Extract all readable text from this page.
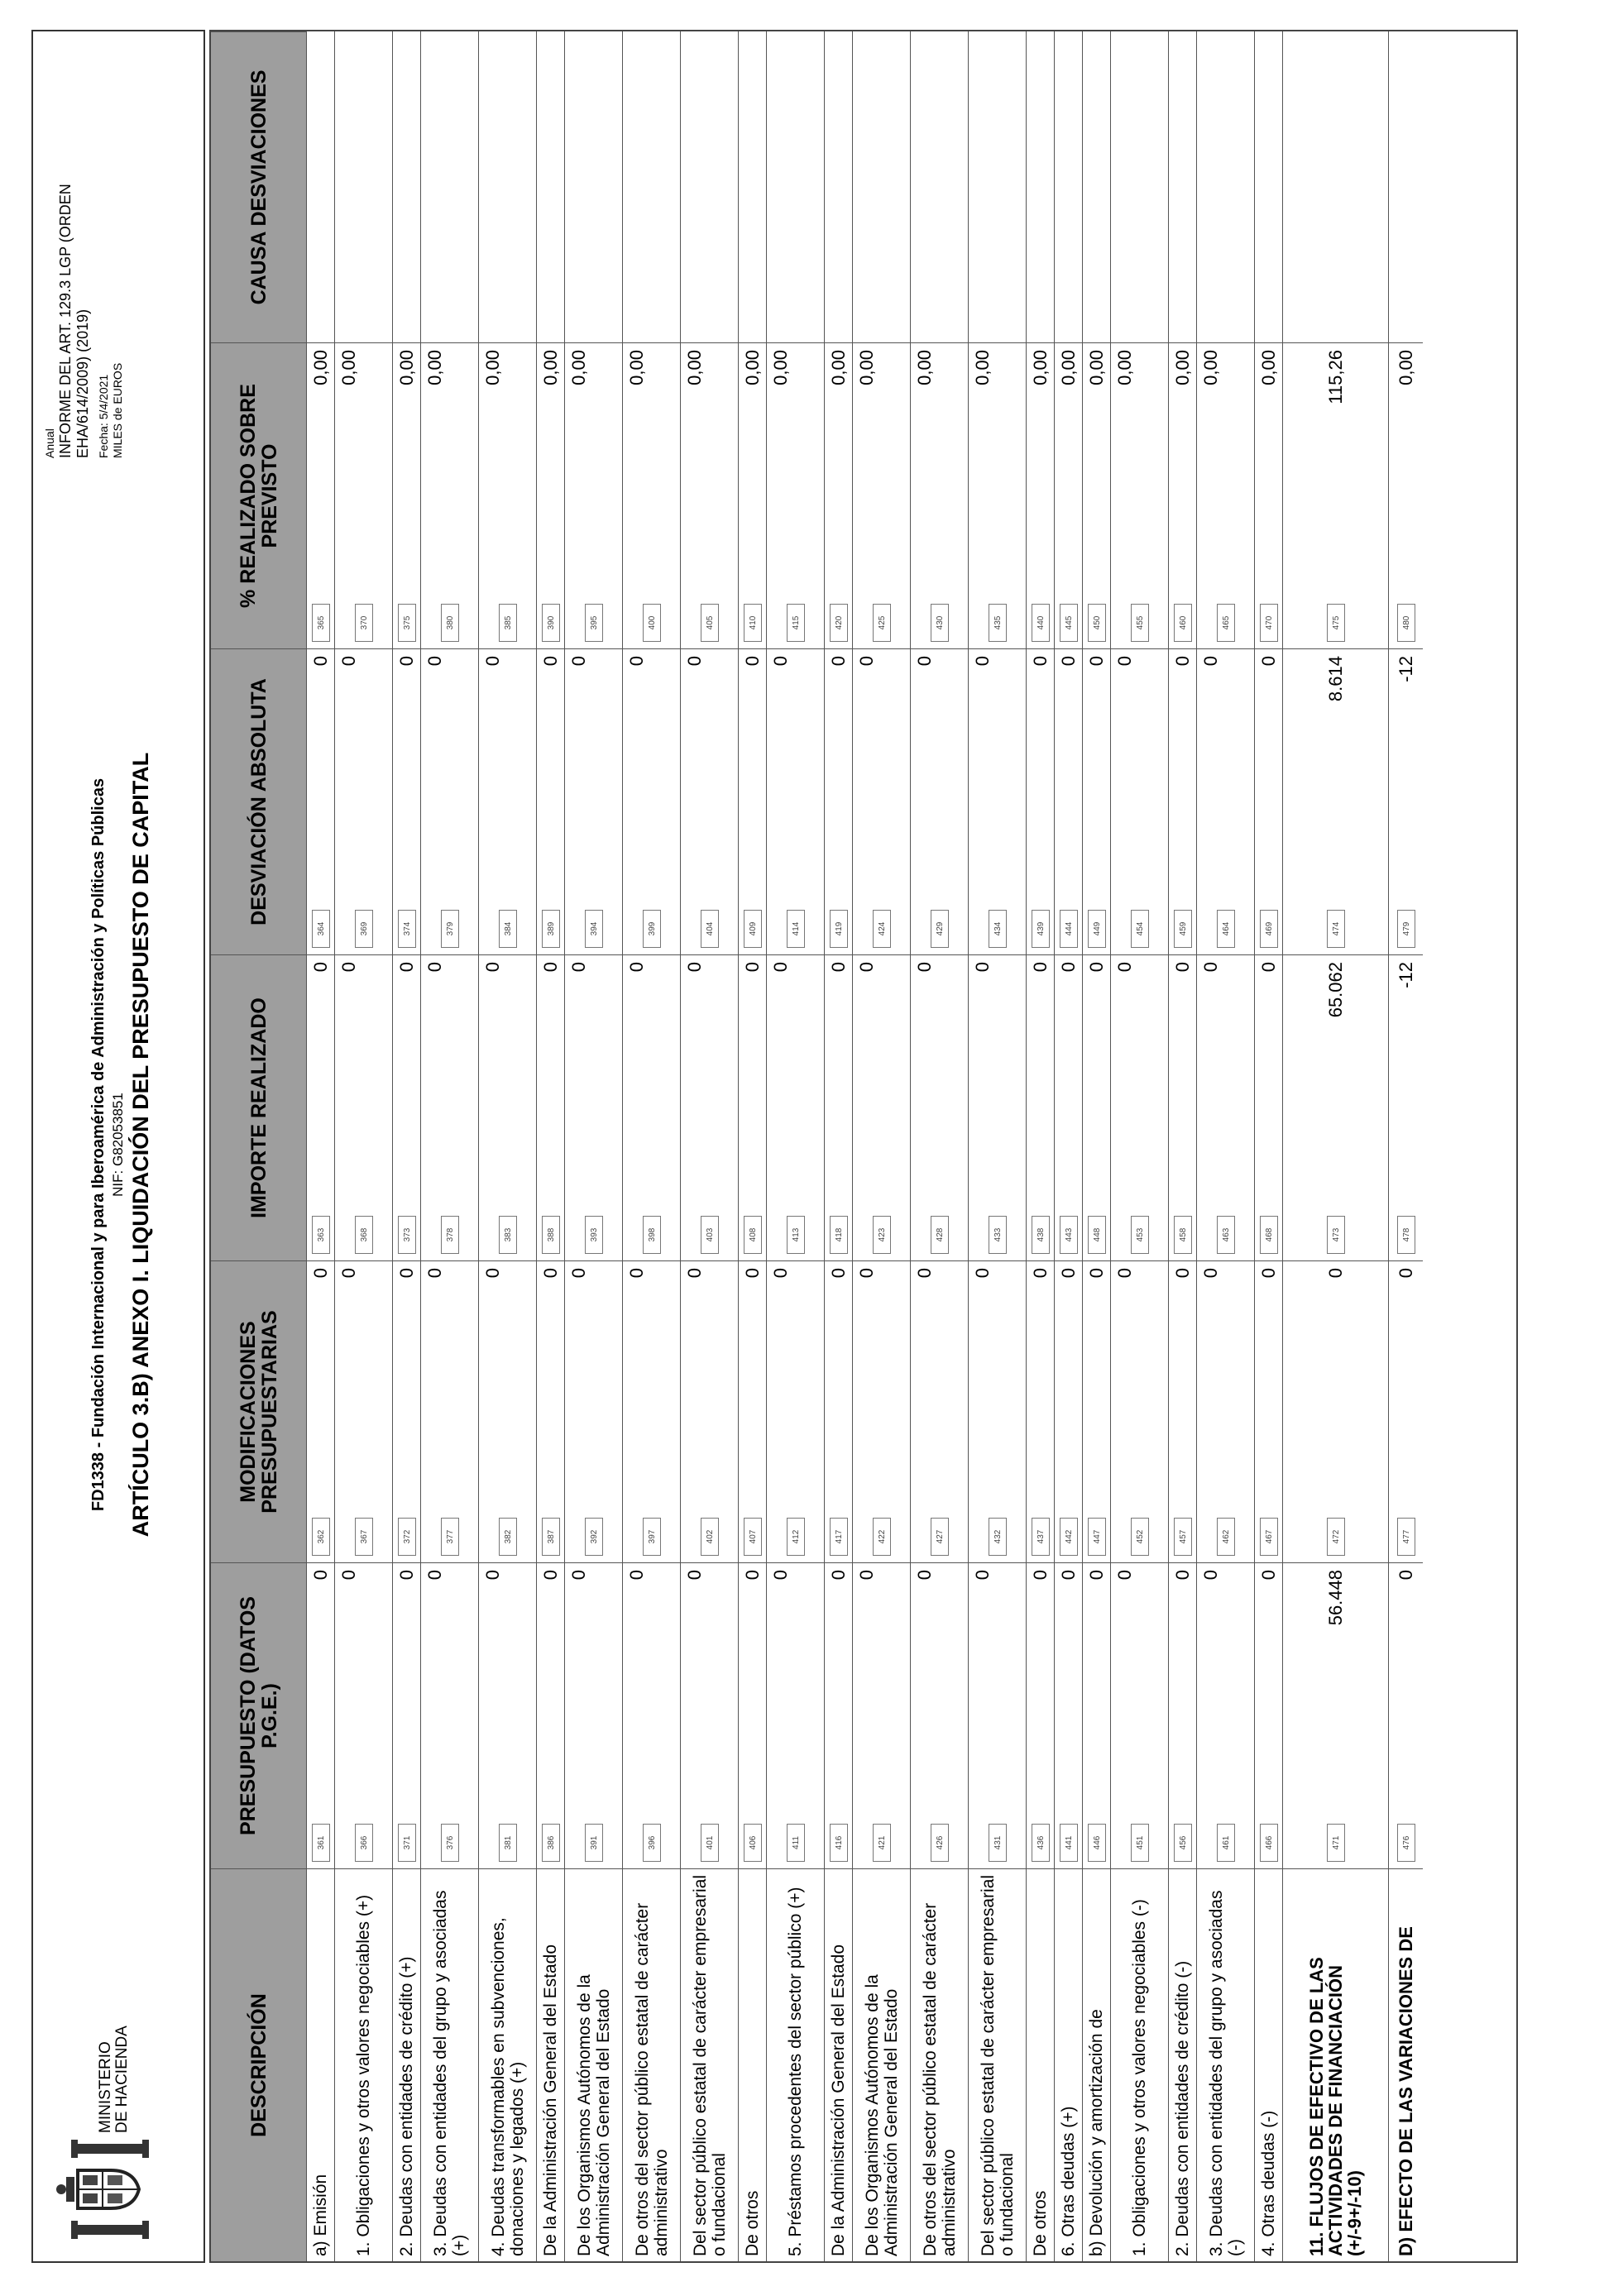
MINISTERIO DE HACIENDA
FD1338 - Fundación Internacional y para Iberoamérica de Administración y Políticas Públicas NIF: G82053851 ARTÍCULO 3.B) ANEXO I. LIQUIDACIÓN DEL PRESUPUESTO DE CAPITAL
Anual INFORME DEL ART. 129.3 LGP (ORDEN EHA/614/2009) (2019) Fecha: 5/4/2021 MILES de EUROS
DESCRIPCIÓN
PRESUPUESTO (DATOS P.G.E.)
MODIFICACIONES PRESUPUESTARIAS
IMPORTE REALIZADO
DESVIACIÓN ABSOLUTA
% REALIZADO SOBRE PREVISTO
CAUSA DESVIACIONES
a) Emisión
361
0
362
0
363
0
364
0
365
0,00
1. Obligaciones y otros valores negociables (+)
366
0
367
0
368
0
369
0
370
0,00
2. Deudas con entidades de crédito (+)
371
0
372
0
373
0
374
0
375
0,00
3. Deudas con entidades del grupo y asociadas (+)
376
0
377
0
378
0
379
0
380
0,00
4. Deudas transformables en subvenciones, donaciones y legados (+)
381
0
382
0
383
0
384
0
385
0,00
De la Administración General del Estado
386
0
387
0
388
0
389
0
390
0,00
De los Organismos Autónomos de la Administración General del Estado
391
0
392
0
393
0
394
0
395
0,00
De otros del sector público estatal de carácter administrativo
396
0
397
0
398
0
399
0
400
0,00
Del sector público estatal de carácter empresarial o fundacional
401
0
402
0
403
0
404
0
405
0,00
De otros
406
0
407
0
408
0
409
0
410
0,00
5. Préstamos procedentes del sector público (+)
411
0
412
0
413
0
414
0
415
0,00
De la Administración General del Estado
416
0
417
0
418
0
419
0
420
0,00
De los Organismos Autónomos de la Administración General del Estado
421
0
422
0
423
0
424
0
425
0,00
De otros del sector público estatal de carácter administrativo
426
0
427
0
428
0
429
0
430
0,00
Del sector público estatal de carácter empresarial o fundacional
431
0
432
0
433
0
434
0
435
0,00
De otros
436
0
437
0
438
0
439
0
440
0,00
6. Otras deudas (+)
441
0
442
0
443
0
444
0
445
0,00
b) Devolución y amortización de
446
0
447
0
448
0
449
0
450
0,00
1. Obligaciones y otros valores negociables (-)
451
0
452
0
453
0
454
0
455
0,00
2. Deudas con entidades de crédito (-)
456
0
457
0
458
0
459
0
460
0,00
3. Deudas con entidades del grupo y asociadas (-)
461
0
462
0
463
0
464
0
465
0,00
4. Otras deudas (-)
466
0
467
0
468
0
469
0
470
0,00
11. FLUJOS DE EFECTIVO DE LAS ACTIVIDADES DE FINANCIACIÓN (+/-9+/-10)
471
56.448
472
0
473
65.062
474
8.614
475
115,26
D) EFECTO DE LAS VARIACIONES DE
476
0
477
0
478
-12
479
-12
480
0,00
